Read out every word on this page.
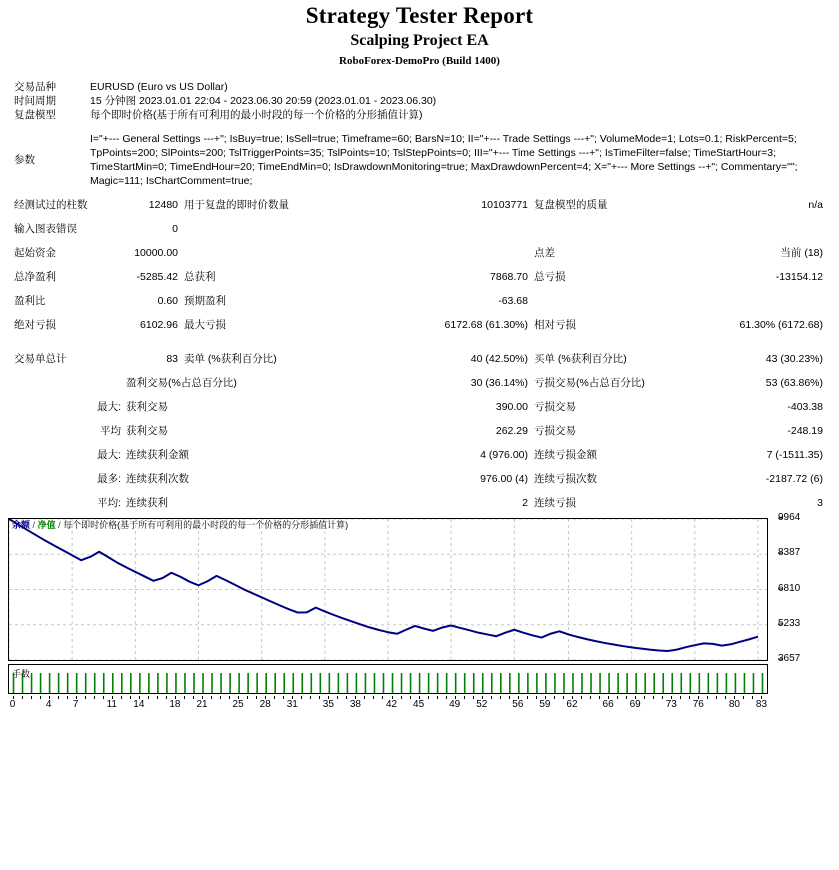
Strategy Tester Report
Scalping Project EA
RoboForex-DemoPro (Build 1400)

交易品种	EURUSD (Euro vs US Dollar)					
时间周期	15 分钟图 2023.01.01 22:04 - 2023.06.30 20:59 (2023.01.01 - 2023.06.30)					
复盘模型	每个即时价格(基于所有可利用的最小时段的每一个价格的分形插值计算)					

参数	I="+--- General Settings ---+"; IsBuy=true; IsSell=true; Timeframe=60; BarsN=10; II="+--- Trade Settings ---+"; VolumeMode=1; Lots=0.1; RiskPercent=5; TpPoints=200; SlPoints=200; TslTriggerPoints=35; TslPoints=10; TslStepPoints=0; III="+--- Time Settings ---+"; IsTimeFilter=false; TimeStartHour=3; TimeStartMin=0; TimeEndHour=20; TimeEndMin=0; IsDrawdownMonitoring=true; MaxDrawdownPercent=4; X="+--- More Settings --+"; Commentary=""; Magic=111; IsChartComment=true;					

经测试过的柱数		12480	用于复盘的即时价数量	10103771	复盘模型的质量	n/a

输入图表错误		0				

起始资金		10000.00			点差	当前 (18)

总净盈利		-5285.42	总获利	7868.70	总亏损	-13154.12

盈利比		0.60	预期盈利	-63.68		

绝对亏损		6102.96	最大亏损	6172.68 (61.30%)	相对亏损	61.30% (6172.68)

交易单总计		83	卖单 (%获利百分比)	40 (42.50%)	买单 (%获利百分比)	43 (30.23%)

		盈利交易(%占总百分比)		30 (36.14%)	亏损交易(%占总百分比)	53 (63.86%)

	最大:	获利交易		390.00	亏损交易	-403.38

	平均	获利交易		262.29	亏损交易	-248.19

	最大:	连续获利金额		4 (976.00)	连续亏损金额	7 (-1511.35)

	最多:	连续获利次数		976.00 (4)	连续亏损次数	-2187.72 (6)

	平均:	连续获利		2	连续亏损	3
余额 / 净值 / 每个即时价格(基于所有可利用的最小时段的每一个价格的分形插值计算)
手数
9964
8387
6810
5233
3657
0	4 7	11 14 18 21 25 28 31 35 38 42 45 49 52 56 59 62 66 69 73 76 80 83
